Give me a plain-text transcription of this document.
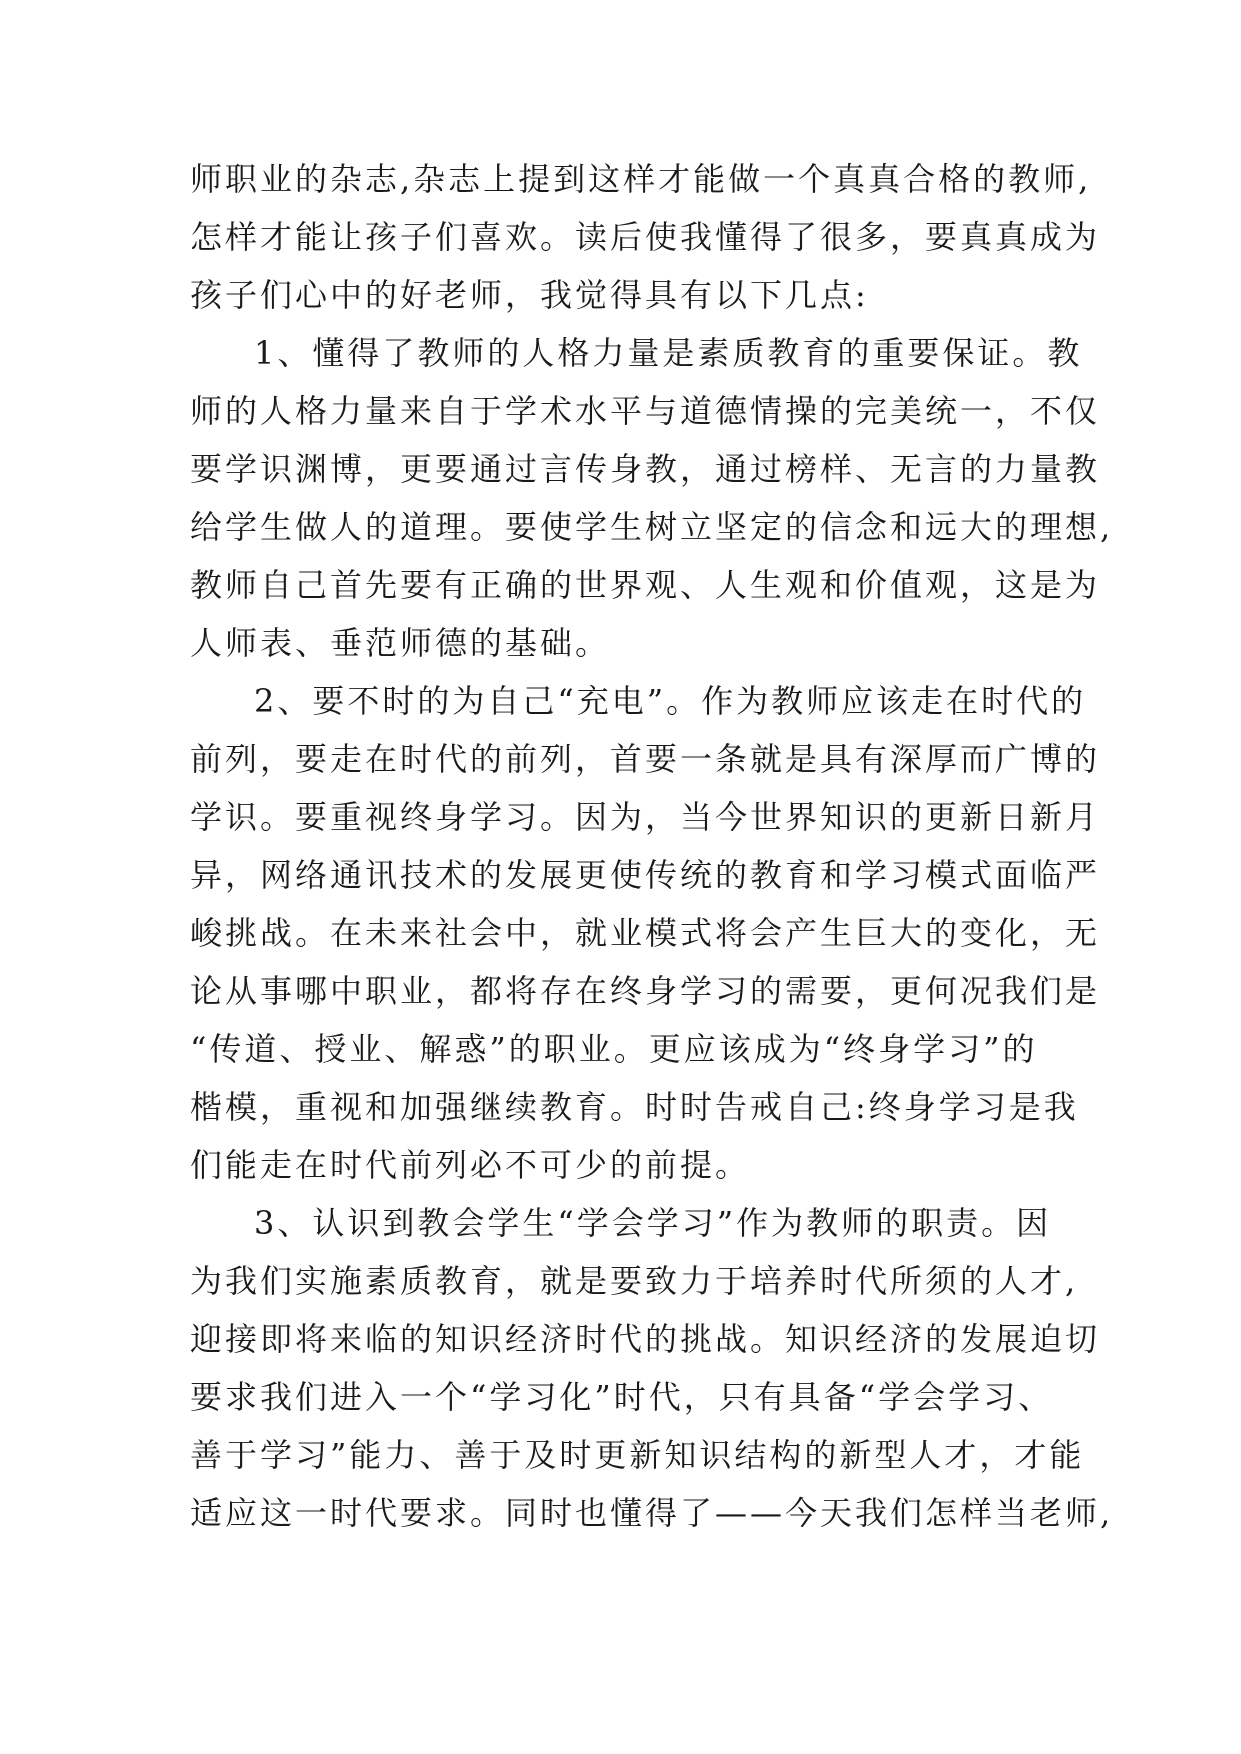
师职业的杂志,杂志上提到这样才能做一个真真合格的教师,
怎样才能让孩子们喜欢。读后使我懂得了很多，要真真成为
孩子们心中的好老师，我觉得具有以下几点:
1、懂得了教师的人格力量是素质教育的重要保证。教
师的人格力量来自于学术水平与道德情操的完美统一，不仅
要学识渊博，更要通过言传身教，通过榜样、无言的力量教
给学生做人的道理。要使学生树立坚定的信念和远大的理想,
教师自己首先要有正确的世界观、人生观和价值观，这是为
人师表、垂范师德的基础。
2、要不时的为自己“充电”。作为教师应该走在时代的
前列，要走在时代的前列，首要一条就是具有深厚而广博的
学识。要重视终身学习。因为，当今世界知识的更新日新月
异，网络通讯技术的发展更使传统的教育和学习模式面临严
峻挑战。在未来社会中，就业模式将会产生巨大的变化，无
论从事哪中职业，都将存在终身学习的需要，更何况我们是
“传道、授业、解惑”的职业。更应该成为“终身学习”的
楷模，重视和加强继续教育。时时告戒自己:终身学习是我
们能走在时代前列必不可少的前提。
3、认识到教会学生“学会学习”作为教师的职责。因
为我们实施素质教育，就是要致力于培养时代所须的人才,
迎接即将来临的知识经济时代的挑战。知识经济的发展迫切
要求我们进入一个“学习化”时代，只有具备“学会学习、
善于学习”能力、善于及时更新知识结构的新型人才，才能
适应这一时代要求。同时也懂得了——今天我们怎样当老师,
